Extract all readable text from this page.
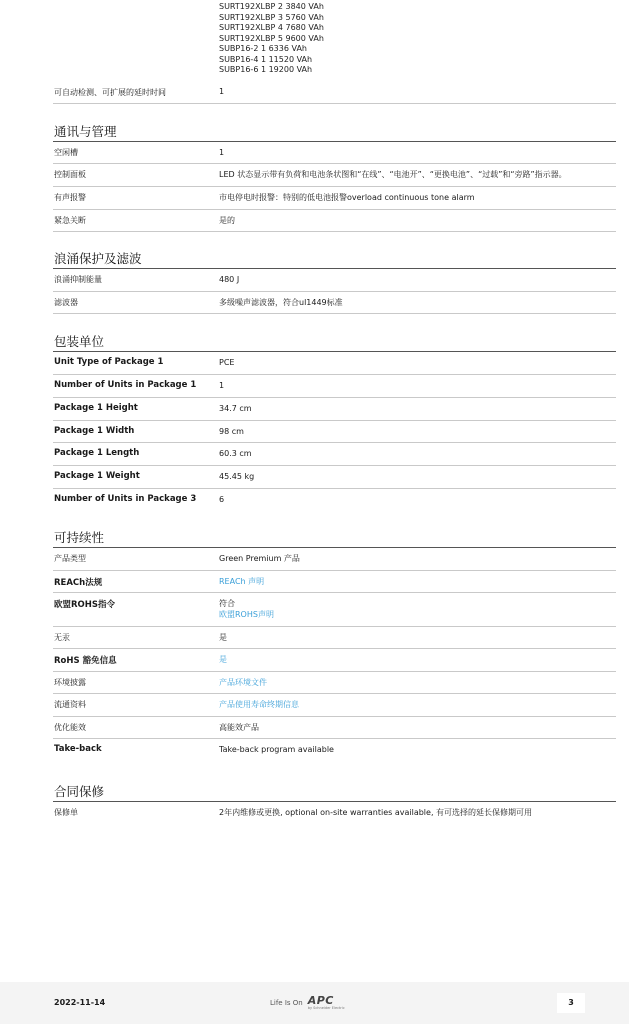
SURT192XLBP 2 3840 VAh
SURT192XLBP 3 5760 VAh
SURT192XLBP 4 7680 VAh
SURT192XLBP 5 9600 VAh
SUBP16-2 1 6336 VAh
SUBP16-4 1 11520 VAh
SUBP16-6 1 19200 VAh
可自动检测、可扩展的延时时间	1
通讯与管理
空闲槽	1
控制面板	LED 状态显示带有负荷和电池条状图和“在线”、“电池开”、“更换电池”、“过载”和“旁路”指示器。
有声报警	市电停电时报警：特别的低电池报警overload continuous tone alarm
紧急关断	是的
浪涌保护及滤波
浪涌抑制能量	480 J
滤波器	多级噪声滤波器，符合ul1449标准
包装单位
Unit Type of Package 1	PCE
Number of Units in Package 1	1
Package 1 Height	34.7 cm
Package 1 Width	98 cm
Package 1 Length	60.3 cm
Package 1 Weight	45.45 kg
Number of Units in Package 3	6
可持续性
产品类型	Green Premium 产品
REACh法规	REACh 声明
欧盟ROHS指令	符合
欧盟ROHS声明
无汞	是
RoHS 豁免信息	是
环境披露	产品环境文件
流通资料	产品使用寿命终期信息
优化能效	高能效产品
Take-back	Take-back program available
合同保修
保修单	2年内维修或更换, optional on-site warranties available, 有可选择的延长保修期可用
2022-11-14	Life Is On APC
by Schneider Electric
3
